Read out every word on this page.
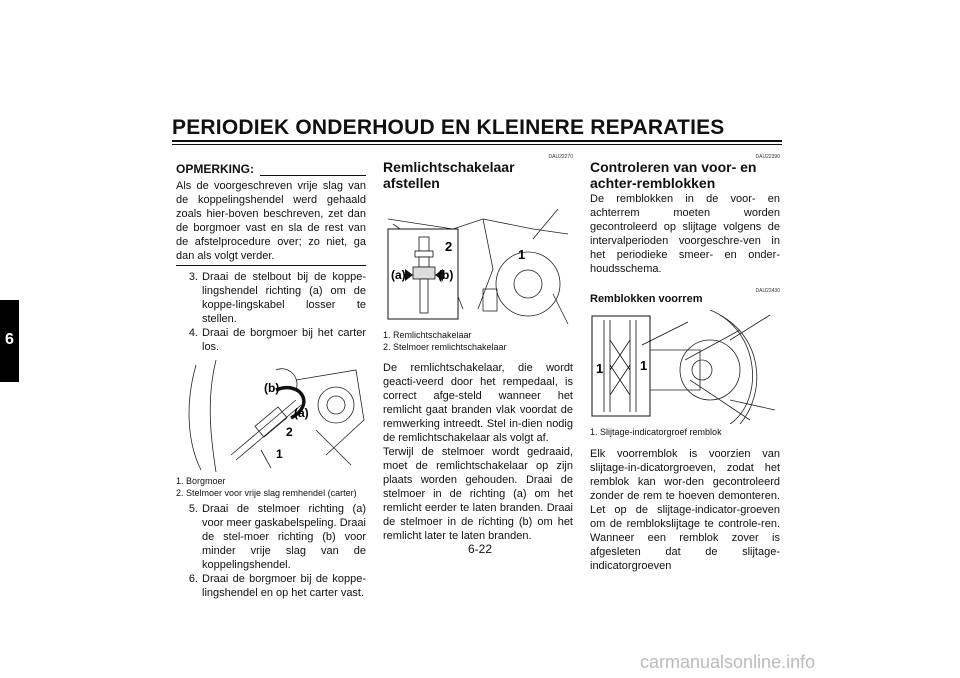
PERIODIEK ONDERHOUD EN KLEINERE REPARATIES
6
OPMERKING:

Als de voorgeschreven vrije slag van de koppelingshendel werd gehaald zoals hier-boven beschreven, zet dan de borgmoer vast en sla de rest van de afstelprocedure over; zo niet, ga dan als volgt verder.

3. Draai de stelbout bij de koppe-lingshendel richting (a) om de koppe-lingskabel losser te stellen.
4. Draai de borgmoer bij het carter los.
(b)
(a)
2
1
1. Borgmoer
2. Stelmoer voor vrije slag remhendel (carter)
5. Draai de stelmoer richting (a) voor meer gaskabelspeling. Draai de stel-moer richting (b) voor minder vrije slag van de koppelingshendel.
6. Draai de borgmoer bij de koppe-lingshendel en op het carter vast.
DAU22270
Remlichtschakelaar afstellen
(a)	(b)
2
1
1. Remlichtschakelaar
2. Stelmoer remlichtschakelaar

De remlichtschakelaar, die wordt geacti-veerd door het rempedaal, is correct afge-steld wanneer het remlicht gaat branden vlak voordat de remwerking intreedt. Stel in-dien nodig de remlichtschakelaar als volgt af.

Terwijl de stelmoer wordt gedraaid, moet de remlichtschakelaar op zijn plaats worden gehouden. Draai de stelmoer in de richting (a) om het remlicht eerder te laten branden. Draai de stelmoer in de richting (b) om het remlicht later te laten branden.

DAU22390
Controleren van voor- en achter-remblokken

De remblokken in de voor- en achterrem moeten worden gecontroleerd op slijtage volgens de intervalperioden voorgeschre-ven in het periodieke smeer- en onder-houdsschema.

DAU22430
Remblokken voorrem
1	1
1. Slijtage-indicatorgroef remblok

Elk voorremblok is voorzien van slijtage-in-dicatorgroeven, zodat het remblok kan wor-den gecontroleerd zonder de rem te hoeven demonteren. Let op de slijtage-indicator-groeven om de remblokslijtage te controle-ren. Wanneer een remblok zover is afgesleten dat de slijtage-indicatorgroeven

6-22
carmanualsonline.info
